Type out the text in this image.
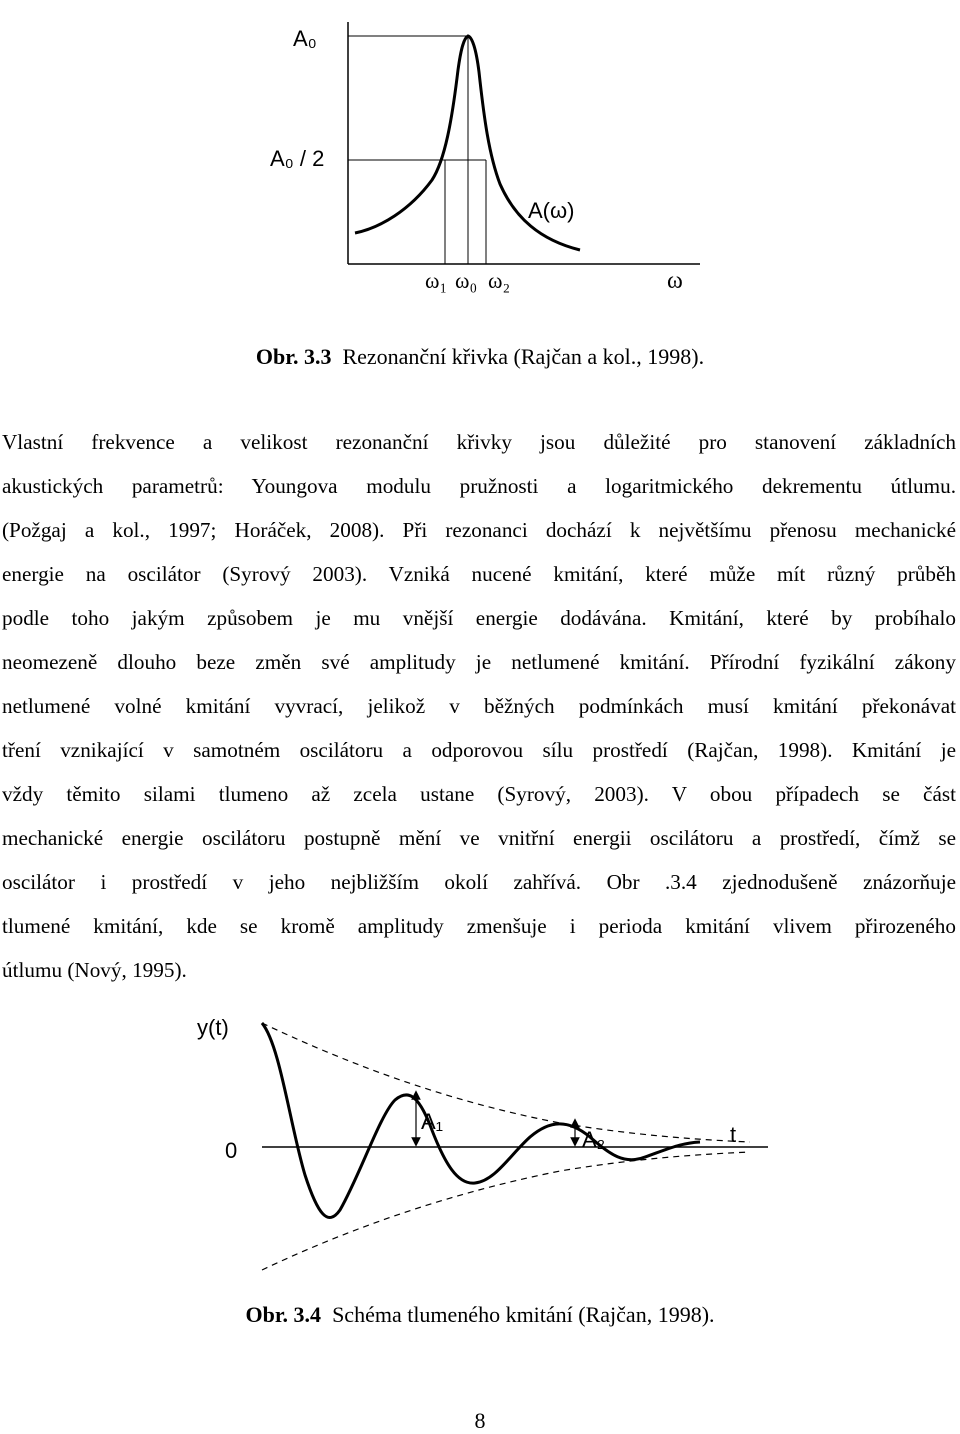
A₀
A₀ / 2
A(ω)
ω₁ ω₀ ω₂	ω
Obr. 3.3 Rezonanční křivka (Rajčan a kol., 1998).

Vlastní frekvence a velikost rezonanční křivky jsou důležité pro stanovení základních
akustických parametrů: Youngova modulu pružnosti a logaritmického dekrementu útlumu.
(Požgaj a kol., 1997; Horáček, 2008). Při rezonanci dochází k největšímu přenosu mechanické
energie na oscilátor (Syrový 2003). Vzniká nucené kmitání, které může mít různý průběh
podle toho jakým způsobem je mu vnější energie dodávána. Kmitání, které by probíhalo
neomezeně dlouho beze změn své amplitudy je netlumené kmitání. Přírodní fyzikální zákony
netlumené volné kmitání vyvrací, jelikož v běžných podmínkách musí kmitání překonávat
tření vznikající v samotném oscilátoru a odporovou sílu prostředí (Rajčan, 1998). Kmitání je
vždy těmito silami tlumeno až zcela ustane (Syrový, 2003). V obou případech se část
mechanické energie oscilátoru postupně mění ve vnitřní energii oscilátoru a prostředí, čímž se
oscilátor i prostředí v jeho nejbližším okolí zahřívá. Obr .3.4 zjednodušeně znázorňuje
tlumené kmitání, kde se kromě amplitudy zmenšuje i perioda kmitání vlivem přirozeného
útlumu (Nový, 1995).

y(t)
0
t
A₁
A₂
Obr. 3.4 Schéma tlumeného kmitání (Rajčan, 1998).
8
